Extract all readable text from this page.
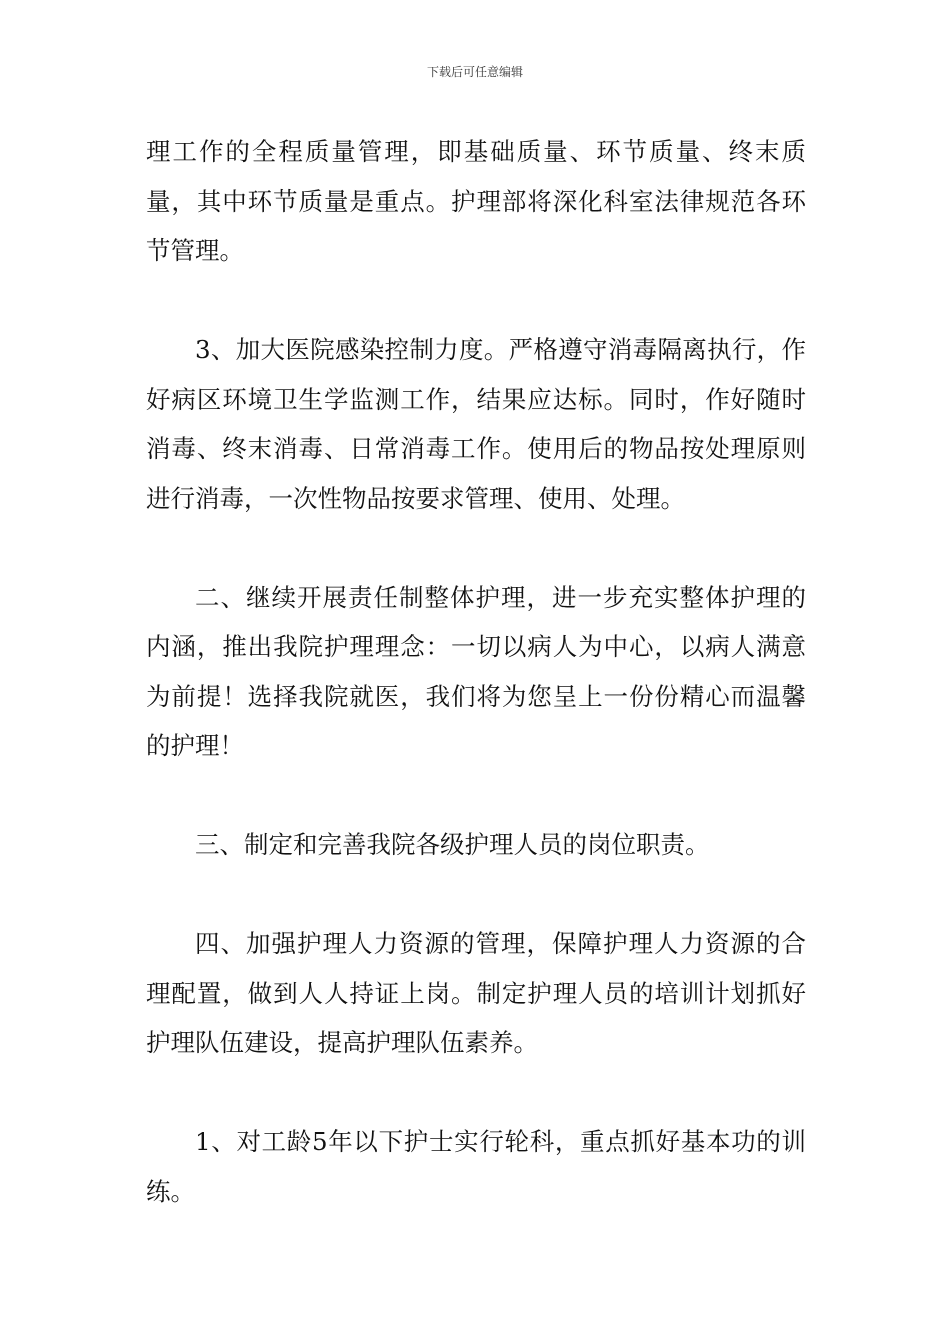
下载后可任意编辑

理工作的全程质量管理，即基础质量、环节质量、终末质量，其中环节质量是重点。护理部将深化科室法律规范各环节管理。

3、加大医院感染控制力度。严格遵守消毒隔离执行，作好病区环境卫生学监测工作，结果应达标。同时，作好随时消毒、终末消毒、日常消毒工作。使用后的物品按处理原则进行消毒，一次性物品按要求管理、使用、处理。

二、继续开展责任制整体护理，进一步充实整体护理的内涵，推出我院护理理念：一切以病人为中心，以病人满意为前提！选择我院就医，我们将为您呈上一份份精心而温馨的护理！

三、制定和完善我院各级护理人员的岗位职责。

四、加强护理人力资源的管理，保障护理人力资源的合理配置，做到人人持证上岗。制定护理人员的培训计划抓好护理队伍建设，提高护理队伍素养。

1、对工龄5年以下护士实行轮科，重点抓好基本功的训练。
